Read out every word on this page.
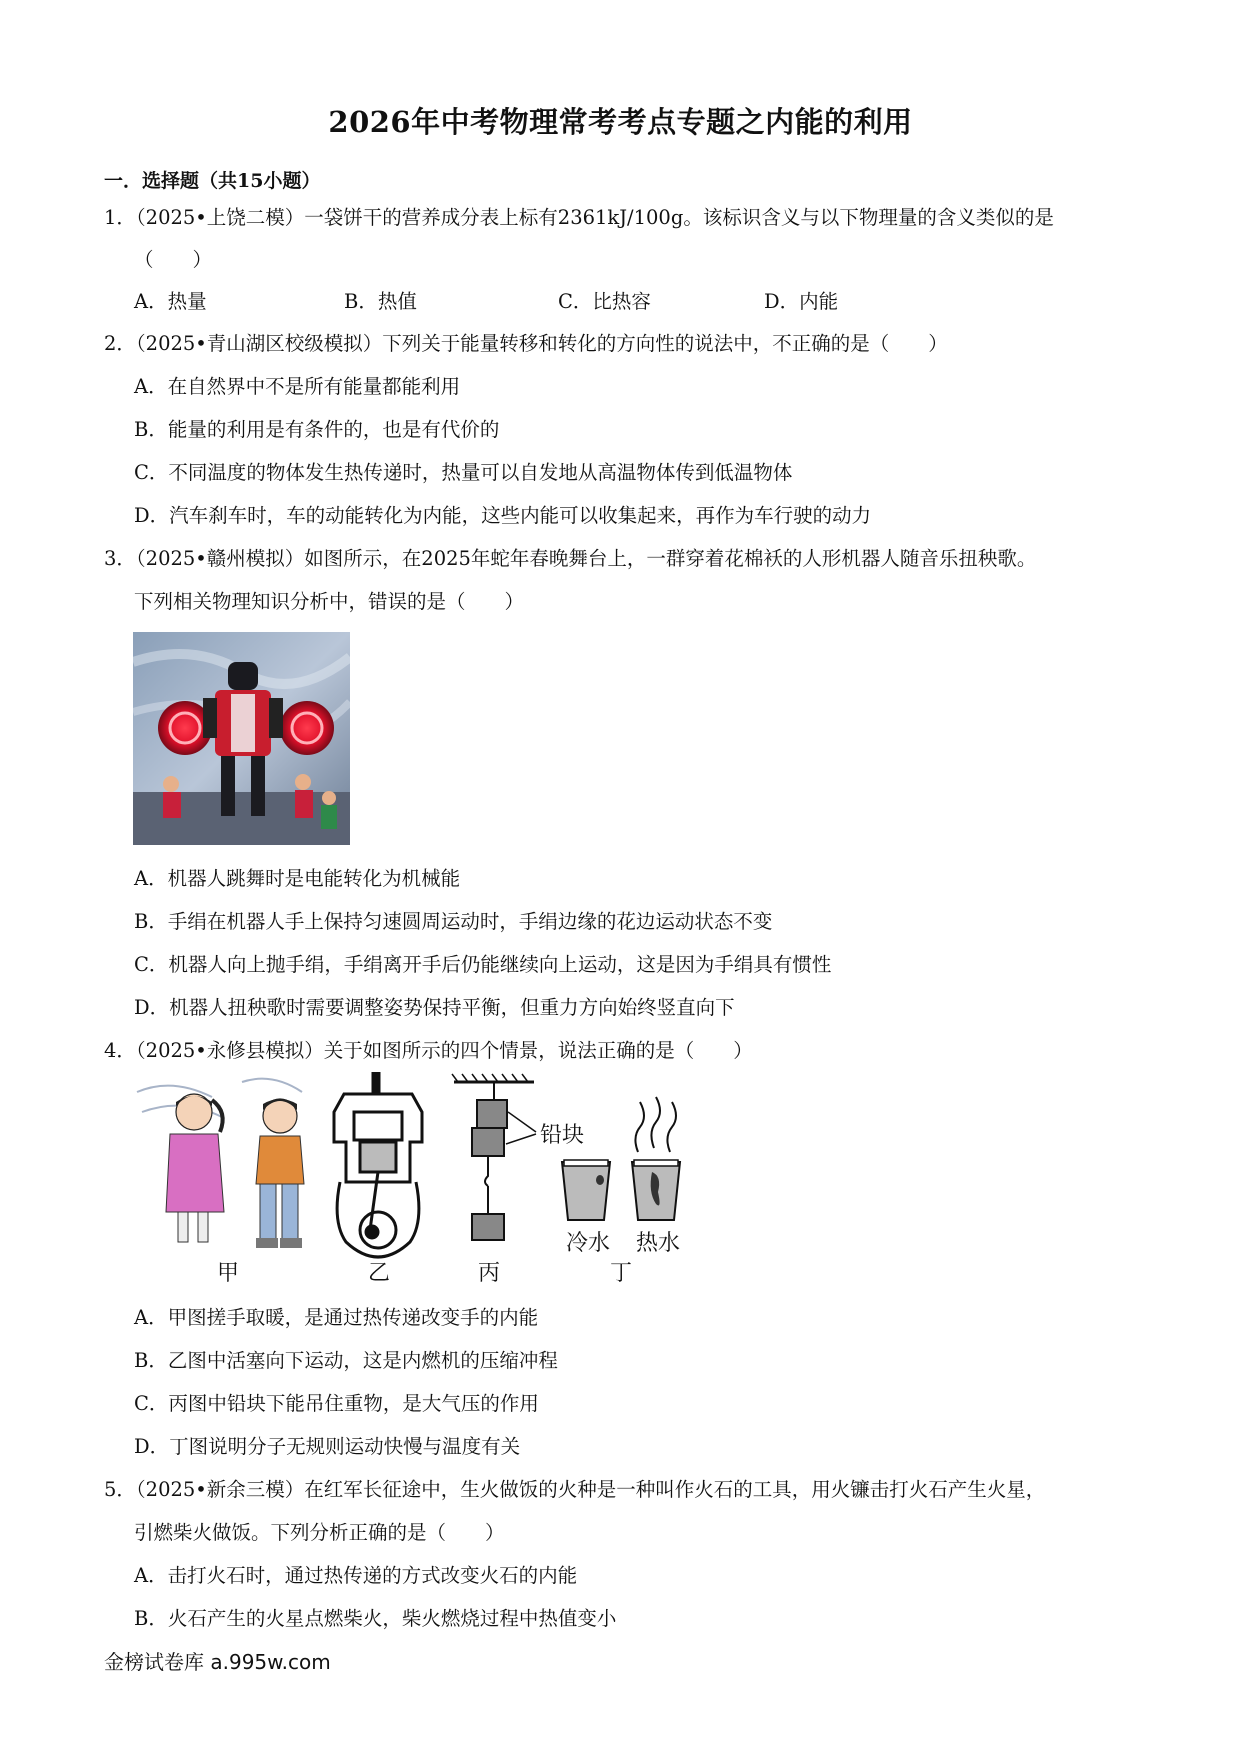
2026年中考物理常考考点专题之内能的利用
一．选择题（共15小题）
1．（2025•上饶二模）一袋饼干的营养成分表上标有2361kJ/100g。该标识含义与以下物理量的含义类似的是
（　　）
A．热量	B．热值	C．比热容	D．内能
2．（2025•青山湖区校级模拟）下列关于能量转移和转化的方向性的说法中，不正确的是（　　）
A．在自然界中不是所有能量都能利用
B．能量的利用是有条件的，也是有代价的
C．不同温度的物体发生热传递时，热量可以自发地从高温物体传到低温物体
D．汽车刹车时，车的动能转化为内能，这些内能可以收集起来，再作为车行驶的动力
3．（2025•赣州模拟）如图所示，在2025年蛇年春晚舞台上，一群穿着花棉袄的人形机器人随音乐扭秧歌。
下列相关物理知识分析中，错误的是（　　）
A．机器人跳舞时是电能转化为机械能
B．手绢在机器人手上保持匀速圆周运动时，手绢边缘的花边运动状态不变
C．机器人向上抛手绢，手绢离开手后仍能继续向上运动，这是因为手绢具有惯性
D．机器人扭秧歌时需要调整姿势保持平衡，但重力方向始终竖直向下
4．（2025•永修县模拟）关于如图所示的四个情景，说法正确的是（　　）
铅块
冷水 热水
甲	乙	丙	丁
A．甲图搓手取暖，是通过热传递改变手的内能
B．乙图中活塞向下运动，这是内燃机的压缩冲程
C．丙图中铅块下能吊住重物，是大气压的作用
D．丁图说明分子无规则运动快慢与温度有关
5．（2025•新余三模）在红军长征途中，生火做饭的火种是一种叫作火石的工具，用火镰击打火石产生火星，
引燃柴火做饭。下列分析正确的是（　　）
A．击打火石时，通过热传递的方式改变火石的内能
B．火石产生的火星点燃柴火，柴火燃烧过程中热值变小
金榜试卷库 a.995w.com
